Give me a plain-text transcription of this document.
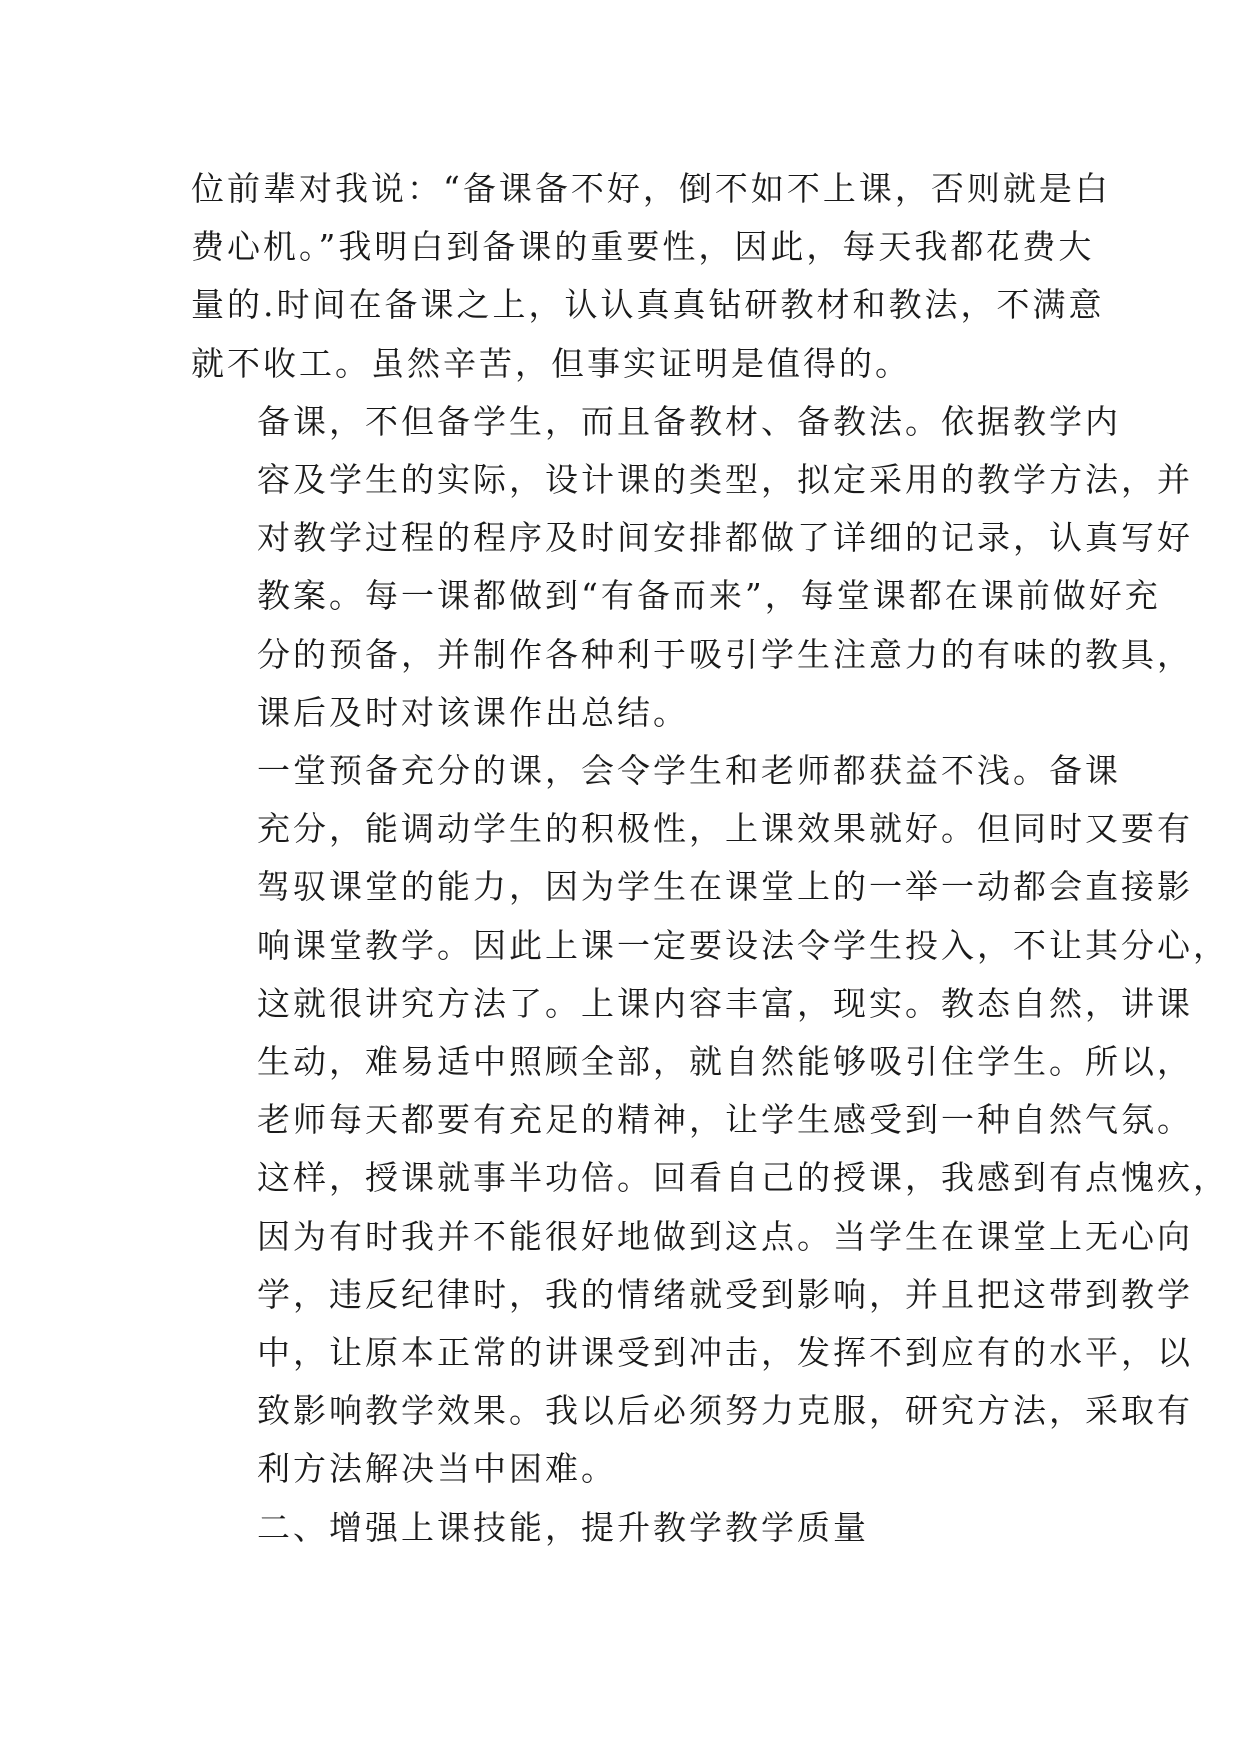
位前辈对我说：“备课备不好，倒不如不上课，否则就是白
费心机。”我明白到备课的重要性，因此，每天我都花费大
量的.时间在备课之上，认认真真钻研教材和教法，不满意
就不收工。虽然辛苦，但事实证明是值得的。

备课，不但备学生，而且备教材、备教法。依据教学内

容及学生的实际，设计课的类型，拟定采用的教学方法，并
对教学过程的程序及时间安排都做了详细的记录，认真写好
教案。每一课都做到“有备而来”，每堂课都在课前做好充
分的预备，并制作各种利于吸引学生注意力的有味的教具，
课后及时对该课作出总结。

一堂预备充分的课，会令学生和老师都获益不浅。备课

充分，能调动学生的积极性，上课效果就好。但同时又要有
驾驭课堂的能力，因为学生在课堂上的一举一动都会直接影
响课堂教学。因此上课一定要设法令学生投入，不让其分心，
这就很讲究方法了。上课内容丰富，现实。教态自然，讲课
生动，难易适中照顾全部，就自然能够吸引住学生。所以，
老师每天都要有充足的精神，让学生感受到一种自然气氛。
这样，授课就事半功倍。回看自己的授课，我感到有点愧疚，
因为有时我并不能很好地做到这点。当学生在课堂上无心向
学，违反纪律时，我的情绪就受到影响，并且把这带到教学
中，让原本正常的讲课受到冲击，发挥不到应有的水平，以
致影响教学效果。我以后必须努力克服，研究方法，采取有
利方法解决当中困难。

二、增强上课技能，提升教学教学质量
